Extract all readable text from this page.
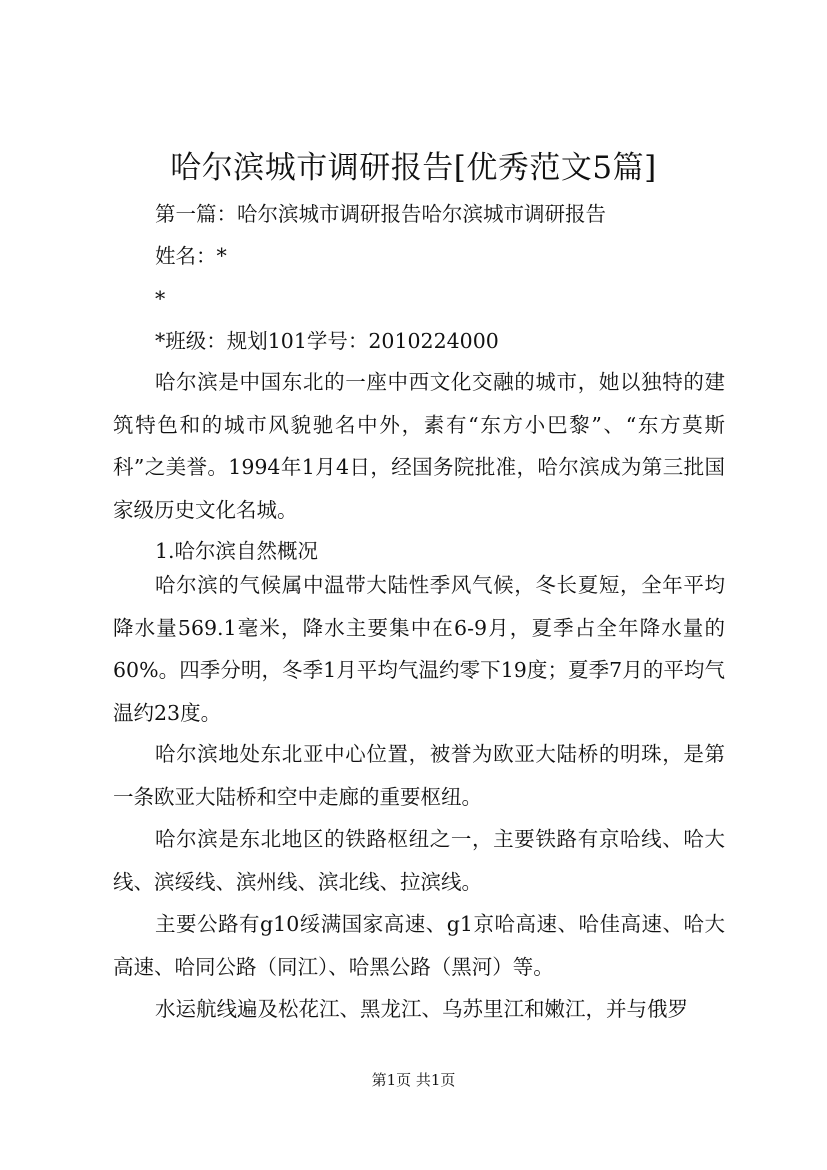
哈尔滨城市调研报告[优秀范文5篇]

第一篇：哈尔滨城市调研报告哈尔滨城市调研报告

姓名：*

*

*班级：规划101学号：2010224000

哈尔滨是中国东北的一座中西文化交融的城市，她以独特的建筑特色和的城市风貌驰名中外，素有“东方小巴黎”、“东方莫斯科”之美誉。1994年1月4日，经国务院批准，哈尔滨成为第三批国家级历史文化名城。

1.哈尔滨自然概况

哈尔滨的气候属中温带大陆性季风气候，冬长夏短，全年平均降水量569.1毫米，降水主要集中在6-9月，夏季占全年降水量的60%。四季分明，冬季1月平均气温约零下19度；夏季7月的平均气温约23度。

哈尔滨地处东北亚中心位置，被誉为欧亚大陆桥的明珠，是第一条欧亚大陆桥和空中走廊的重要枢纽。

哈尔滨是东北地区的铁路枢纽之一，主要铁路有京哈线、哈大线、滨绥线、滨州线、滨北线、拉滨线。

主要公路有g10绥满国家高速、g1京哈高速、哈佳高速、哈大高速、哈同公路（同江）、哈黑公路（黑河）等。

水运航线遍及松花江、黑龙江、乌苏里江和嫩江，并与俄罗

第1页 共1页
